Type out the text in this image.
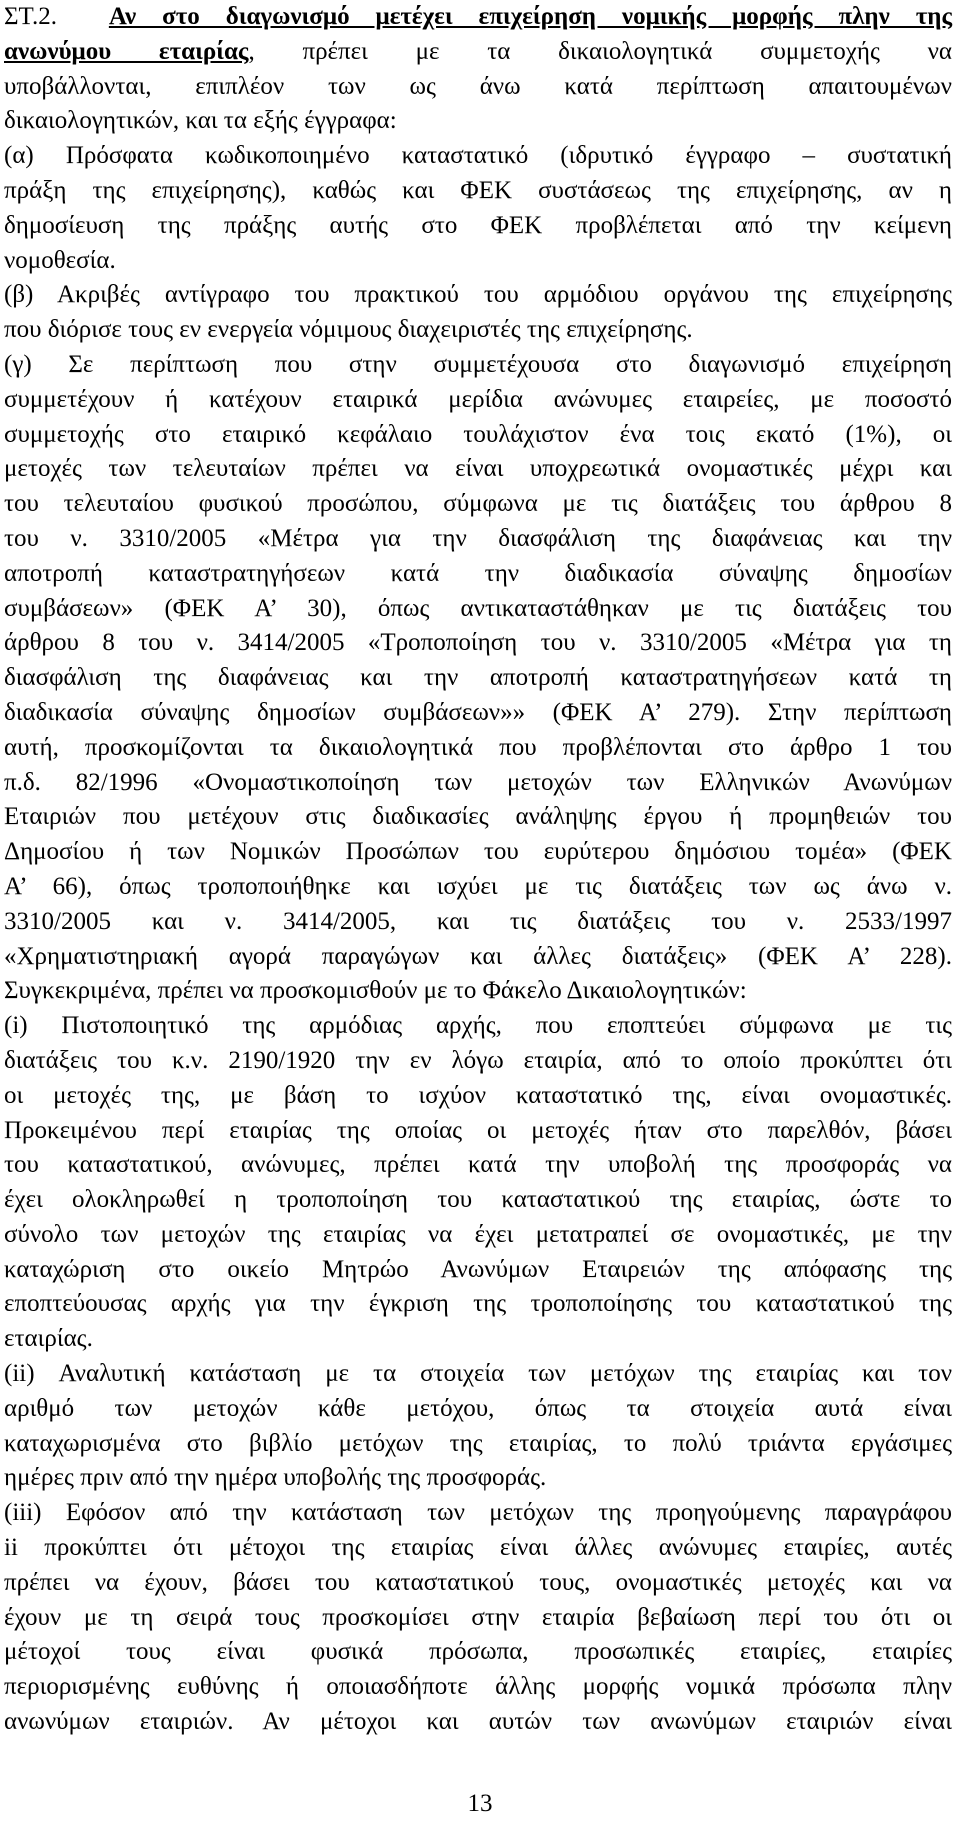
ΣΤ.2. Αν στο διαγωνισμό μετέχει επιχείρηση νομικής μορφής πλην της

ανωνύμου εταιρίας, πρέπει με τα δικαιολογητικά συμμετοχής να

υποβάλλονται, επιπλέον των ως άνω κατά περίπτωση απαιτουμένων

δικαιολογητικών, και τα εξής έγγραφα:

(α) Πρόσφατα κωδικοποιημένο καταστατικό (ιδρυτικό έγγραφο – συστατική

πράξη της επιχείρησης), καθώς και ΦΕΚ συστάσεως της επιχείρησης, αν η

δημοσίευση της πράξης αυτής στο ΦΕΚ προβλέπεται από την κείμενη

νομοθεσία.

(β) Ακριβές αντίγραφο του πρακτικού του αρμόδιου οργάνου της επιχείρησης

που διόρισε τους εν ενεργεία νόμιμους διαχειριστές της επιχείρησης.

(γ) Σε περίπτωση που στην συμμετέχουσα στο διαγωνισμό επιχείρηση

συμμετέχουν ή κατέχουν εταιρικά μερίδια ανώνυμες εταιρείες, με ποσοστό

συμμετοχής στο εταιρικό κεφάλαιο τουλάχιστον ένα τοις εκατό (1%), οι

μετοχές των τελευταίων πρέπει να είναι υποχρεωτικά ονομαστικές μέχρι και

του τελευταίου φυσικού προσώπου, σύμφωνα με τις διατάξεις του άρθρου 8

του ν. 3310/2005 «Μέτρα για την διασφάλιση της διαφάνειας και την

αποτροπή καταστρατηγήσεων κατά την διαδικασία σύναψης δημοσίων

συμβάσεων» (ΦΕΚ Α’ 30), όπως αντικαταστάθηκαν με τις διατάξεις του

άρθρου 8 του ν. 3414/2005 «Τροποποίηση του ν. 3310/2005 «Μέτρα για τη

διασφάλιση της διαφάνειας και την αποτροπή καταστρατηγήσεων κατά τη

διαδικασία σύναψης δημοσίων συμβάσεων»» (ΦΕΚ Α’ 279). Στην περίπτωση

αυτή, προσκομίζονται τα δικαιολογητικά που προβλέπονται στο άρθρο 1 του

π.δ. 82/1996 «Ονομαστικοποίηση των μετοχών των Ελληνικών Ανωνύμων

Εταιριών που μετέχουν στις διαδικασίες ανάληψης έργου ή προμηθειών του

Δημοσίου ή των Νομικών Προσώπων του ευρύτερου δημόσιου τομέα» (ΦΕΚ

Α’ 66), όπως τροποποιήθηκε και ισχύει με τις διατάξεις των ως άνω ν.

3310/2005 και ν. 3414/2005, και τις διατάξεις του ν. 2533/1997

«Χρηματιστηριακή αγορά παραγώγων και άλλες διατάξεις» (ΦΕΚ Α’ 228).

Συγκεκριμένα, πρέπει να προσκομισθούν με το Φάκελο Δικαιολογητικών:

(i) Πιστοποιητικό της αρμόδιας αρχής, που εποπτεύει σύμφωνα με τις

διατάξεις του κ.ν. 2190/1920 την εν λόγω εταιρία, από το οποίο προκύπτει ότι

οι μετοχές της, με βάση το ισχύον καταστατικό της, είναι ονομαστικές.

Προκειμένου περί εταιρίας της οποίας οι μετοχές ήταν στο παρελθόν, βάσει

του καταστατικού, ανώνυμες, πρέπει κατά την υποβολή της προσφοράς να

έχει ολοκληρωθεί η τροποποίηση του καταστατικού της εταιρίας, ώστε το

σύνολο των μετοχών της εταιρίας να έχει μετατραπεί σε ονομαστικές, με την

καταχώριση στο οικείο Μητρώο Ανωνύμων Εταιρειών της απόφασης της

εποπτεύουσας αρχής για την έγκριση της τροποποίησης του καταστατικού της

εταιρίας.

(ii) Αναλυτική κατάσταση με τα στοιχεία των μετόχων της εταιρίας και τον

αριθμό των μετοχών κάθε μετόχου, όπως τα στοιχεία αυτά είναι

καταχωρισμένα στο βιβλίο μετόχων της εταιρίας, το πολύ τριάντα εργάσιμες

ημέρες πριν από την ημέρα υποβολής της προσφοράς.

(iii) Εφόσον από την κατάσταση των μετόχων της προηγούμενης παραγράφου

ii προκύπτει ότι μέτοχοι της εταιρίας είναι άλλες ανώνυμες εταιρίες, αυτές

πρέπει να έχουν, βάσει του καταστατικού τους, ονομαστικές μετοχές και να

έχουν με τη σειρά τους προσκομίσει στην εταιρία βεβαίωση περί του ότι οι

μέτοχοί τους είναι φυσικά πρόσωπα, προσωπικές εταιρίες, εταιρίες

περιορισμένης ευθύνης ή οποιασδήποτε άλλης μορφής νομικά πρόσωπα πλην

ανωνύμων εταιριών. Αν μέτοχοι και αυτών των ανωνύμων εταιριών είναι

13
